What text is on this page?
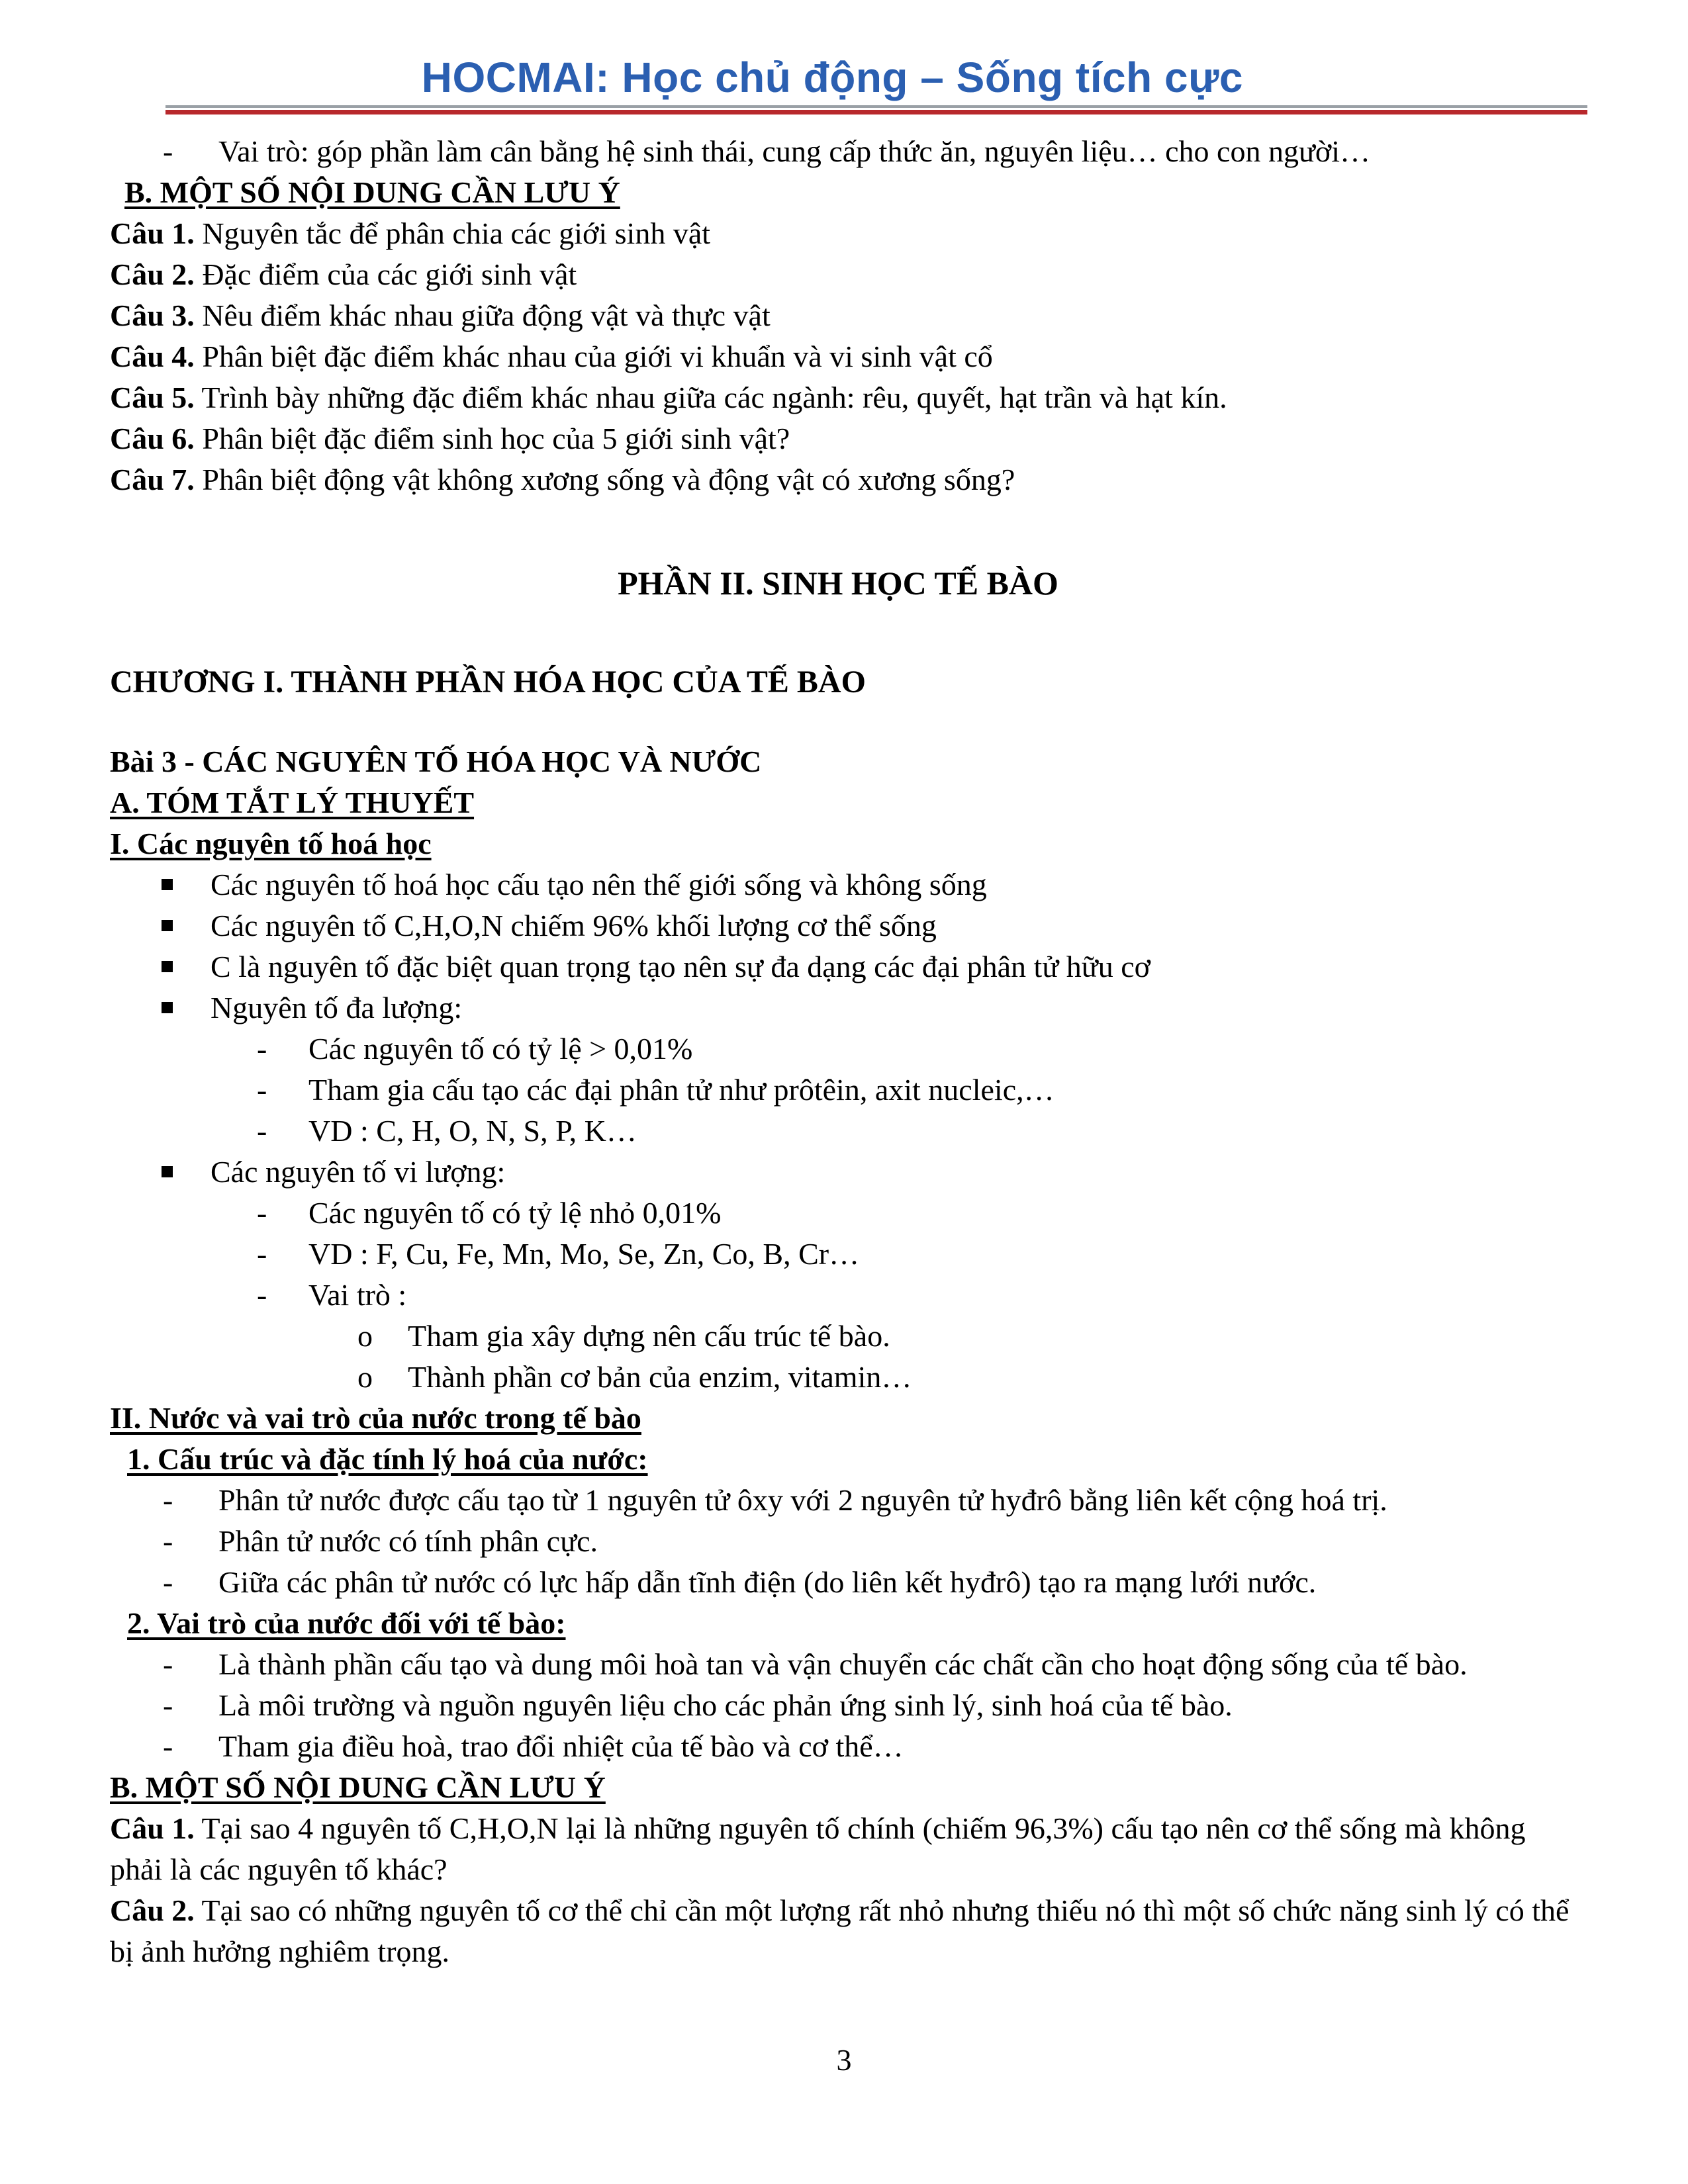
HOCMAI: Học chủ động – Sống tích cực
- Vai trò: góp phần làm cân bằng hệ sinh thái, cung cấp thức ăn, nguyên liệu… cho con người…
B. MỘT SỐ NỘI DUNG CẦN LƯU Ý
Câu 1. Nguyên tắc để phân chia các giới sinh vật
Câu 2. Đặc điểm của các giới sinh vật
Câu 3. Nêu điểm khác nhau giữa động vật và thực vật
Câu 4. Phân biệt đặc điểm khác nhau của giới vi khuẩn và vi sinh vật cổ
Câu 5. Trình bày những đặc điểm khác nhau giữa các ngành: rêu, quyết, hạt trần và hạt kín.
Câu 6. Phân biệt đặc điểm sinh học của 5 giới sinh vật?
Câu 7. Phân biệt động vật không xương sống và động vật có xương sống?
PHẦN II. SINH HỌC TẾ BÀO
CHƯƠNG I. THÀNH PHẦN HÓA HỌC CỦA TẾ BÀO
Bài 3 - CÁC NGUYÊN TỐ HÓA HỌC VÀ NƯỚC
A. TÓM TẮT LÝ THUYẾT
I. Các nguyên tố hoá học
Các nguyên tố hoá học cấu tạo nên thế giới sống và không sống
Các nguyên tố C,H,O,N chiếm 96% khối lượng cơ thể sống
C là nguyên tố đặc biệt quan trọng tạo nên sự đa dạng các đại phân tử hữu cơ
Nguyên tố đa lượng:
- Các nguyên tố có tỷ lệ > 0,01%
- Tham gia cấu tạo các đại phân tử như prôtêin, axit nucleic,…
- VD : C, H, O, N, S, P, K…
Các nguyên tố vi lượng:
- Các nguyên tố có tỷ lệ nhỏ 0,01%
- VD : F, Cu, Fe, Mn, Mo, Se, Zn, Co, B, Cr…
- Vai trò :
o Tham gia xây dựng nên cấu trúc tế bào.
o Thành phần cơ bản của enzim, vitamin…
II. Nước và vai trò của nước trong tế bào
1. Cấu trúc và đặc tính lý hoá của nước:
- Phân tử nước được cấu tạo từ 1 nguyên tử ôxy với 2 nguyên tử hyđrô bằng liên kết cộng hoá trị.
- Phân tử nước có tính phân cực.
- Giữa các phân tử nước có lực hấp dẫn tĩnh điện (do liên kết hyđrô) tạo ra mạng lưới nước.
2. Vai trò của nước đối với tế bào:
- Là thành phần cấu tạo và dung môi hoà tan và vận chuyển các chất cần cho hoạt động sống của tế bào.
- Là môi trường và nguồn nguyên liệu cho các phản ứng sinh lý, sinh hoá của tế bào.
- Tham gia điều hoà, trao đổi nhiệt của tế bào và cơ thể…
B. MỘT SỐ NỘI DUNG CẦN LƯU Ý
Câu 1. Tại sao 4 nguyên tố C,H,O,N lại là những nguyên tố chính (chiếm 96,3%) cấu tạo nên cơ thể sống mà không phải là các nguyên tố khác?
Câu 2. Tại sao có những nguyên tố cơ thể chỉ cần một lượng rất nhỏ nhưng thiếu nó thì một số chức năng sinh lý có thể bị ảnh hưởng nghiêm trọng.
3
